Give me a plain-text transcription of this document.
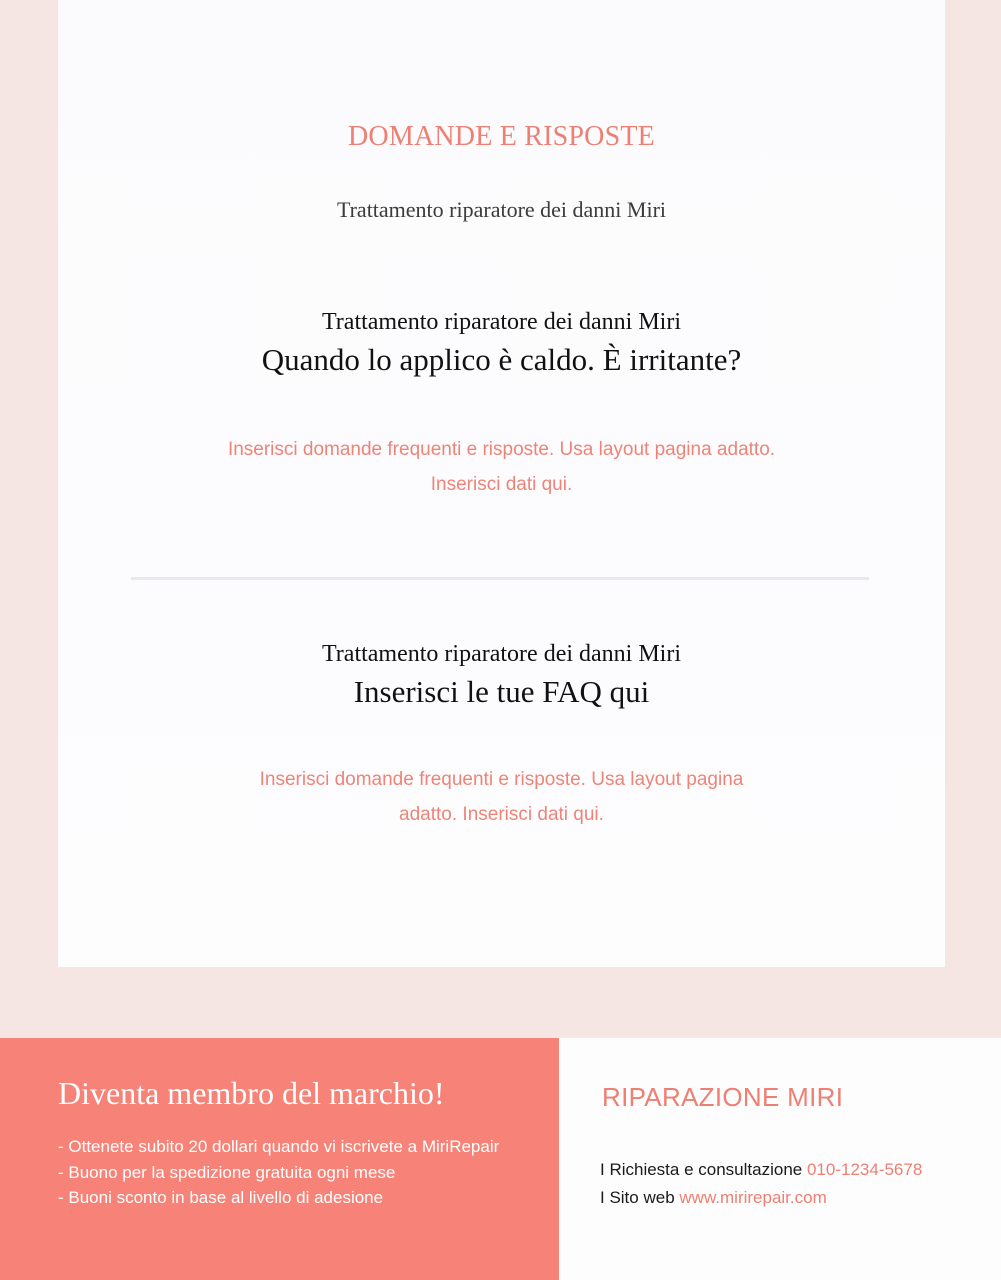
DOMANDE E RISPOSTE
Trattamento riparatore dei danni Miri
Trattamento riparatore dei danni Miri
Quando lo applico è caldo. È irritante?
Inserisci domande frequenti e risposte. Usa layout pagina adatto. Inserisci dati qui.
Trattamento riparatore dei danni Miri
Inserisci le tue FAQ qui
Inserisci domande frequenti e risposte. Usa layout pagina adatto. Inserisci dati qui.
Diventa membro del marchio!
- Ottenete subito 20 dollari quando vi iscrivete a MiriRepair
- Buono per la spedizione gratuita ogni mese
- Buoni sconto in base al livello di adesione
RIPARAZIONE MIRI
I Richiesta e consultazione 010-1234-5678
I Sito web www.mirirepair.com
